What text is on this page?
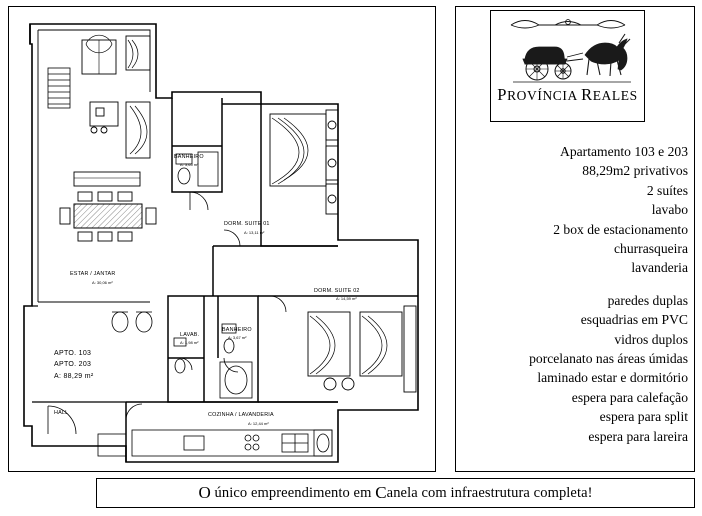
DORM. SUITE 01
A: 13,11 m²
BANHEIRO
A: 3,65 m²
ESTAR / JANTAR
A: 30,06 m²
LAVAB.
A: 1,98 m²
BANHEIRO
A: 3,67 m²
DORM. SUITE 02
A: 14,59 m²
COZINHA / LAVANDERIA
A: 12,44 m²
HALL
APTO. 103
APTO. 203
A: 88,29 m²
PROVÍNCIA REALES
Apartamento 103 e 203
88,29m2 privativos
2 suítes
lavabo
2 box de estacionamento
churrasqueira
lavanderia
paredes duplas
esquadrias em PVC
vidros duplos
porcelanato nas áreas úmidas
laminado estar e dormitório
espera para calefação
espera para split
espera para lareira
O único empreendimento em C anela com infraestrutura completa!
